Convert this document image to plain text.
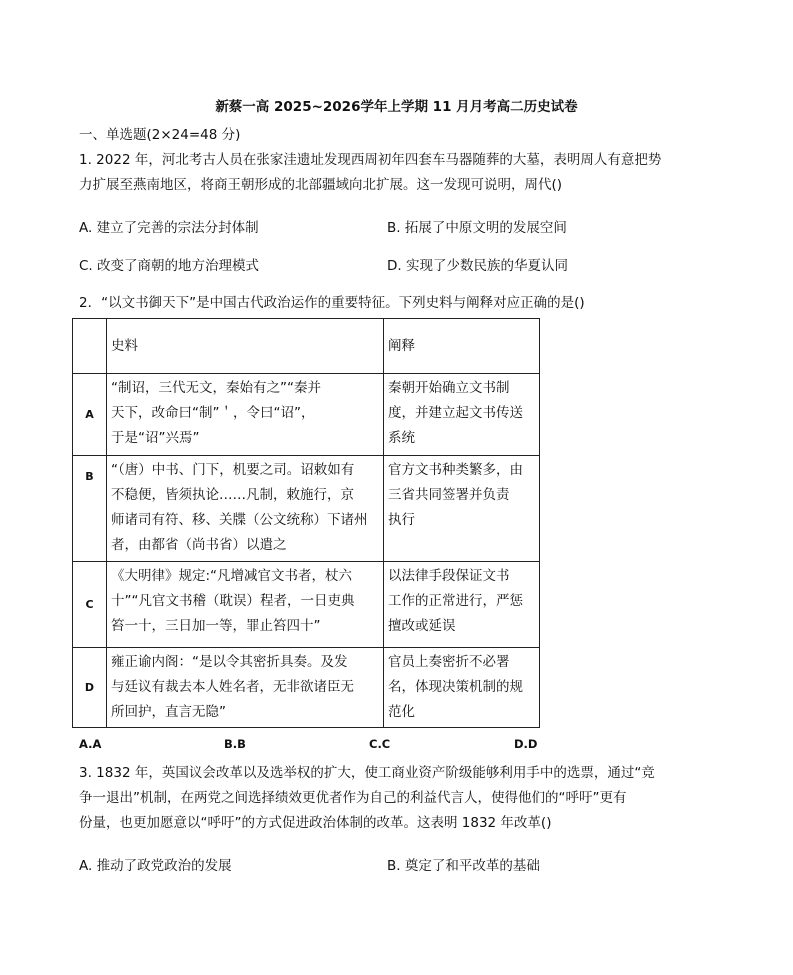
新蔡一高 2025~2026学年上学期 11 月月考高二历史试卷
一、单选题(2×24=48 分)
1. 2022 年，河北考古人员在张家洼遗址发现西周初年四套车马器随葬的大墓，表明周人有意把势
力扩展至燕南地区，将商王朝形成的北部疆域向北扩展。这一发现可说明，周代()
A. 建立了完善的宗法分封体制	B. 拓展了中原文明的发展空间
C. 改变了商朝的地方治理模式	D. 实现了少数民族的华夏认同
2．“以文书御天下”是中国古代政治运作的重要特征。下列史料与阐释对应正确的是()
	史料	阐释
A	“制诏，三代无文，秦始有之”“秦并
天下，改命曰“制”＇，令曰“诏”，
于是“诏”兴焉”	秦朝开始确立文书制
度，并建立起文书传送
系统

B	“（唐）中书、门下，机要之司。诏敕如有
不稳便，皆须执论……凡制，敕施行，京
师诸司有符、移、关牒（公文统称）下诸州
者，由都省（尚书省）以遣之	官方文书种类繁多，由
三省共同签署并负责
执行

C	《大明律》规定:“凡增减官文书者，杖六
十”“凡官文书稽（耽误）程者，一日吏典
笞一十，三日加一等，罪止笞四十”	以法律手段保证文书
工作的正常进行，严惩
擅改或延误

D	雍正谕内阁：“是以令其密折具奏。及发
与廷议有裁去本人姓名者，无非欲诸臣无
所回护，直言无隐”	官员上奏密折不必署
名，体现决策机制的规
范化
A.A	B.B	C.C	D.D
3. 1832 年，英国议会改革以及选举权的扩大，使工商业资产阶级能够利用手中的选票，通过“竞
争一退出”机制，在两党之间选择绩效更优者作为自己的利益代言人，使得他们的“呼吁”更有
份量，也更加愿意以“呼吁”的方式促进政治体制的改革。这表明 1832 年改革()
A. 推动了政党政治的发展	B. 奠定了和平改革的基础
